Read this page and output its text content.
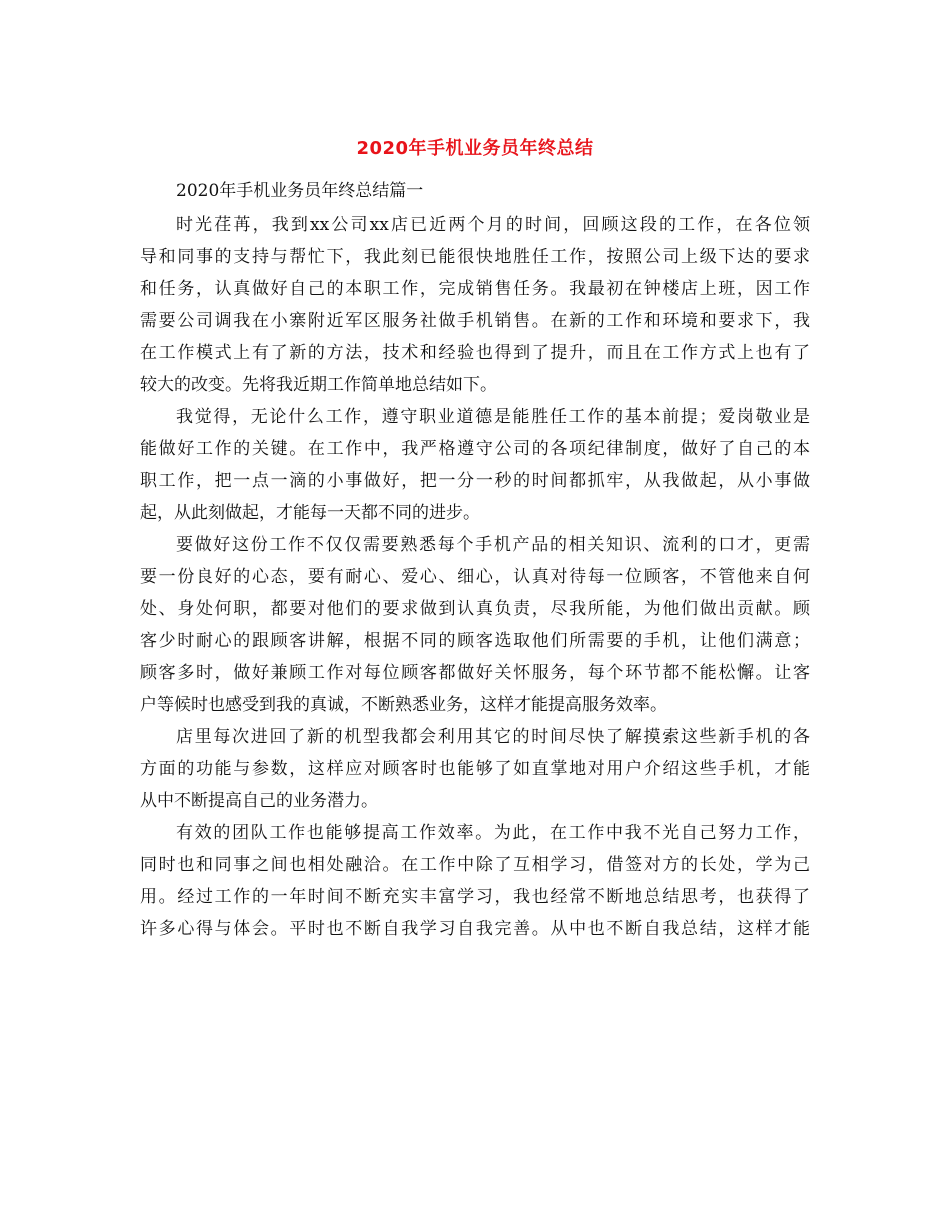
2020年手机业务员年终总结
2020年手机业务员年终总结篇一
时光荏苒，我到xx公司xx店已近两个月的时间，回顾这段的工作，在各位领
导和同事的支持与帮忙下，我此刻已能很快地胜任工作，按照公司上级下达的要求
和任务，认真做好自己的本职工作，完成销售任务。我最初在钟楼店上班，因工作
需要公司调我在小寨附近军区服务社做手机销售。在新的工作和环境和要求下，我
在工作模式上有了新的方法，技术和经验也得到了提升，而且在工作方式上也有了
较大的改变。先将我近期工作简单地总结如下。
我觉得，无论什么工作，遵守职业道德是能胜任工作的基本前提；爱岗敬业是
能做好工作的关键。在工作中，我严格遵守公司的各项纪律制度，做好了自己的本
职工作，把一点一滴的小事做好，把一分一秒的时间都抓牢，从我做起，从小事做
起，从此刻做起，才能每一天都不同的进步。
要做好这份工作不仅仅需要熟悉每个手机产品的相关知识、流利的口才，更需
要一份良好的心态，要有耐心、爱心、细心，认真对待每一位顾客，不管他来自何
处、身处何职，都要对他们的要求做到认真负责，尽我所能，为他们做出贡献。顾
客少时耐心的跟顾客讲解，根据不同的顾客选取他们所需要的手机，让他们满意；
顾客多时，做好兼顾工作对每位顾客都做好关怀服务，每个环节都不能松懈。让客
户等候时也感受到我的真诚，不断熟悉业务，这样才能提高服务效率。
店里每次进回了新的机型我都会利用其它的时间尽快了解摸索这些新手机的各
方面的功能与参数，这样应对顾客时也能够了如直掌地对用户介绍这些手机，才能
从中不断提高自己的业务潜力。
有效的团队工作也能够提高工作效率。为此，在工作中我不光自己努力工作，
同时也和同事之间也相处融洽。在工作中除了互相学习，借签对方的长处，学为己
用。经过工作的一年时间不断充实丰富学习，我也经常不断地总结思考，也获得了
许多心得与体会。平时也不断自我学习自我完善。从中也不断自我总结，这样才能
